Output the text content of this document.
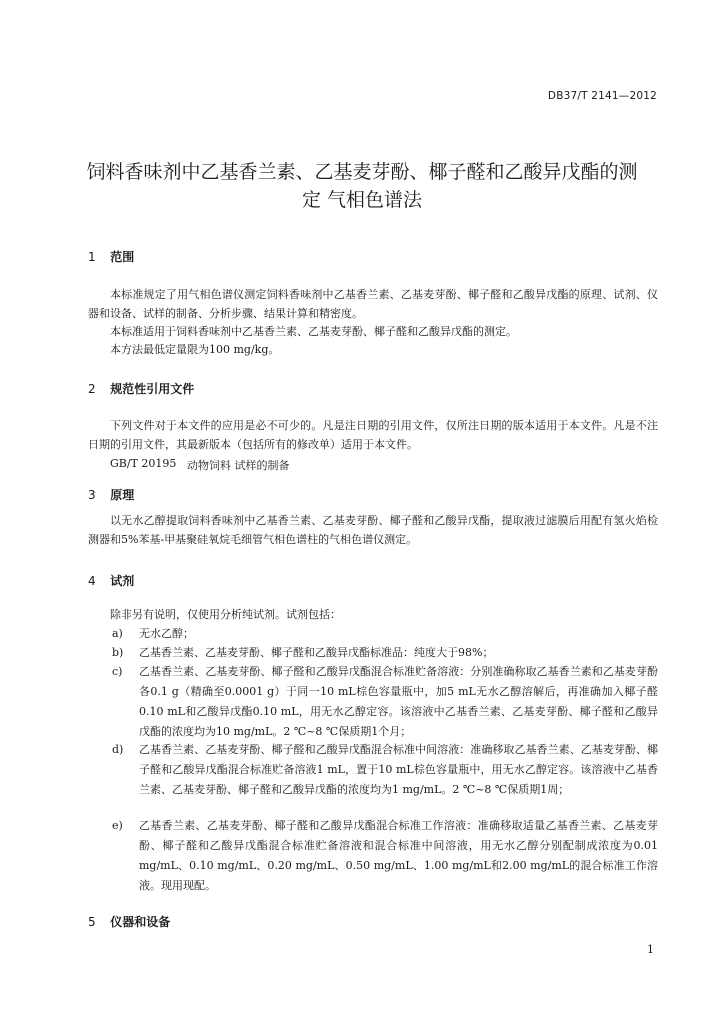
DB37/T 2141—2012
饲料香味剂中乙基香兰素、乙基麦芽酚、椰子醛和乙酸异戊酯的测
定 气相色谱法
1 范围
本标准规定了用气相色谱仪测定饲料香味剂中乙基香兰素、乙基麦芽酚、椰子醛和乙酸异戊酯的原理、试剂、仪器和设备、试样的制备、分析步骤、结果计算和精密度。
本标准适用于饲料香味剂中乙基香兰素、乙基麦芽酚、椰子醛和乙酸异戊酯的测定。
本方法最低定量限为100 mg/kg。
2 规范性引用文件
下列文件对于本文件的应用是必不可少的。凡是注日期的引用文件，仅所注日期的版本适用于本文件。凡是不注日期的引用文件，其最新版本（包括所有的修改单）适用于本文件。
GB/T 20195 动物饲料 试样的制备
3 原理
以无水乙醇提取饲料香味剂中乙基香兰素、乙基麦芽酚、椰子醛和乙酸异戊酯，提取液过滤膜后用配有氢火焰检测器和5%苯基-甲基聚硅氧烷毛细管气相色谱柱的气相色谱仪测定。
4 试剂
除非另有说明，仅使用分析纯试剂。试剂包括：
a) 无水乙醇；
b) 乙基香兰素、乙基麦芽酚、椰子醛和乙酸异戊酯标准品：纯度大于98%；
c) 乙基香兰素、乙基麦芽酚、椰子醛和乙酸异戊酯混合标准贮备溶液：分别准确称取乙基香兰素和乙基麦芽酚各0.1 g（精确至0.0001 g）于同一10 mL棕色容量瓶中，加5 mL无水乙醇溶解后，再准确加入椰子醛0.10 mL和乙酸异戊酯0.10 mL，用无水乙醇定容。该溶液中乙基香兰素、乙基麦芽酚、椰子醛和乙酸异戊酯的浓度均为10 mg/mL。2 ℃~8 ℃保质期1个月；
d) 乙基香兰素、乙基麦芽酚、椰子醛和乙酸异戊酯混合标准中间溶液：准确移取乙基香兰素、乙基麦芽酚、椰子醛和乙酸异戊酯混合标准贮备溶液1 mL，置于10 mL棕色容量瓶中，用无水乙醇定容。该溶液中乙基香兰素、乙基麦芽酚、椰子醛和乙酸异戊酯的浓度均为1 mg/mL。2 ℃~8 ℃保质期1周；
e) 乙基香兰素、乙基麦芽酚、椰子醛和乙酸异戊酯混合标准工作溶液：准确移取适量乙基香兰素、乙基麦芽酚、椰子醛和乙酸异戊酯混合标准贮备溶液和混合标准中间溶液，用无水乙醇分别配制成浓度为0.01 mg/mL、0.10 mg/mL、0.20 mg/mL、0.50 mg/mL、1.00 mg/mL和2.00 mg/mL的混合标准工作溶液。现用现配。
5 仪器和设备
1
